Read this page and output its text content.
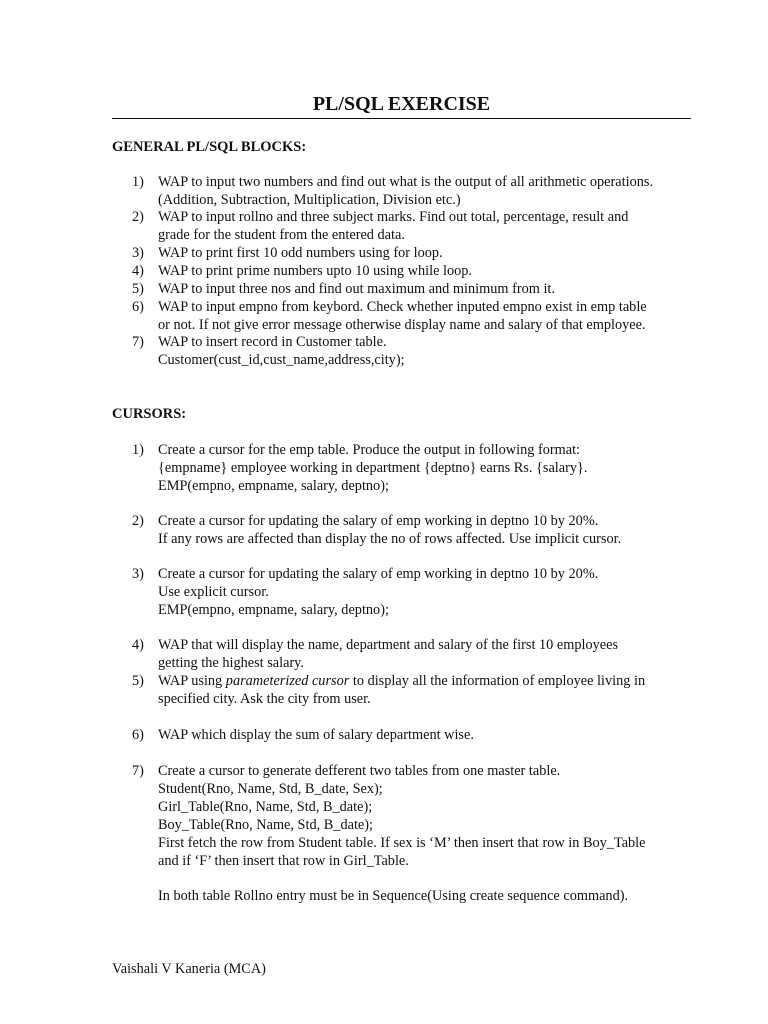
PL/SQL EXERCISE
GENERAL PL/SQL BLOCKS:
1) WAP to input two numbers and find out what is the output of all arithmetic operations.
(Addition, Subtraction, Multiplication, Division etc.)
2) WAP to input rollno and three subject marks. Find out total, percentage, result and
grade for the student from the entered data.
3) WAP to print first 10 odd numbers using for loop.
4) WAP to print prime numbers upto 10 using while loop.
5) WAP to input three nos and find out maximum and minimum from it.
6) WAP to input empno from keybord. Check whether inputed empno exist in emp table
or not. If not give error message otherwise display name and salary of that employee.
7) WAP to insert record in Customer table.
Customer(cust_id,cust_name,address,city);
CURSORS:
1) Create a cursor for the emp table. Produce the output in following format:
{empname} employee working in department {deptno} earns Rs. {salary}.
EMP(empno, empname, salary, deptno);
2) Create a cursor for updating the salary of emp working in deptno 10 by 20%.
If any rows are affected than display the no of rows affected. Use implicit cursor.
3) Create a cursor for updating the salary of emp working in deptno 10 by 20%.
Use explicit cursor.
EMP(empno, empname, salary, deptno);
4) WAP that will display the name, department and salary of the first 10 employees
getting the highest salary.
5) WAP using parameterized cursor to display all the information of employee living in
specified city. Ask the city from user.
6) WAP which display the sum of salary department wise.
7) Create a cursor to generate defferent two tables from one master table.
Student(Rno, Name, Std, B_date, Sex);
Girl_Table(Rno, Name, Std, B_date);
Boy_Table(Rno, Name, Std, B_date);
First fetch the row from Student table. If sex is ‘M’ then insert that row in Boy_Table
and if ‘F’ then insert that row in Girl_Table.
In both table Rollno entry must be in Sequence(Using create sequence command).
Vaishali V Kaneria (MCA)
